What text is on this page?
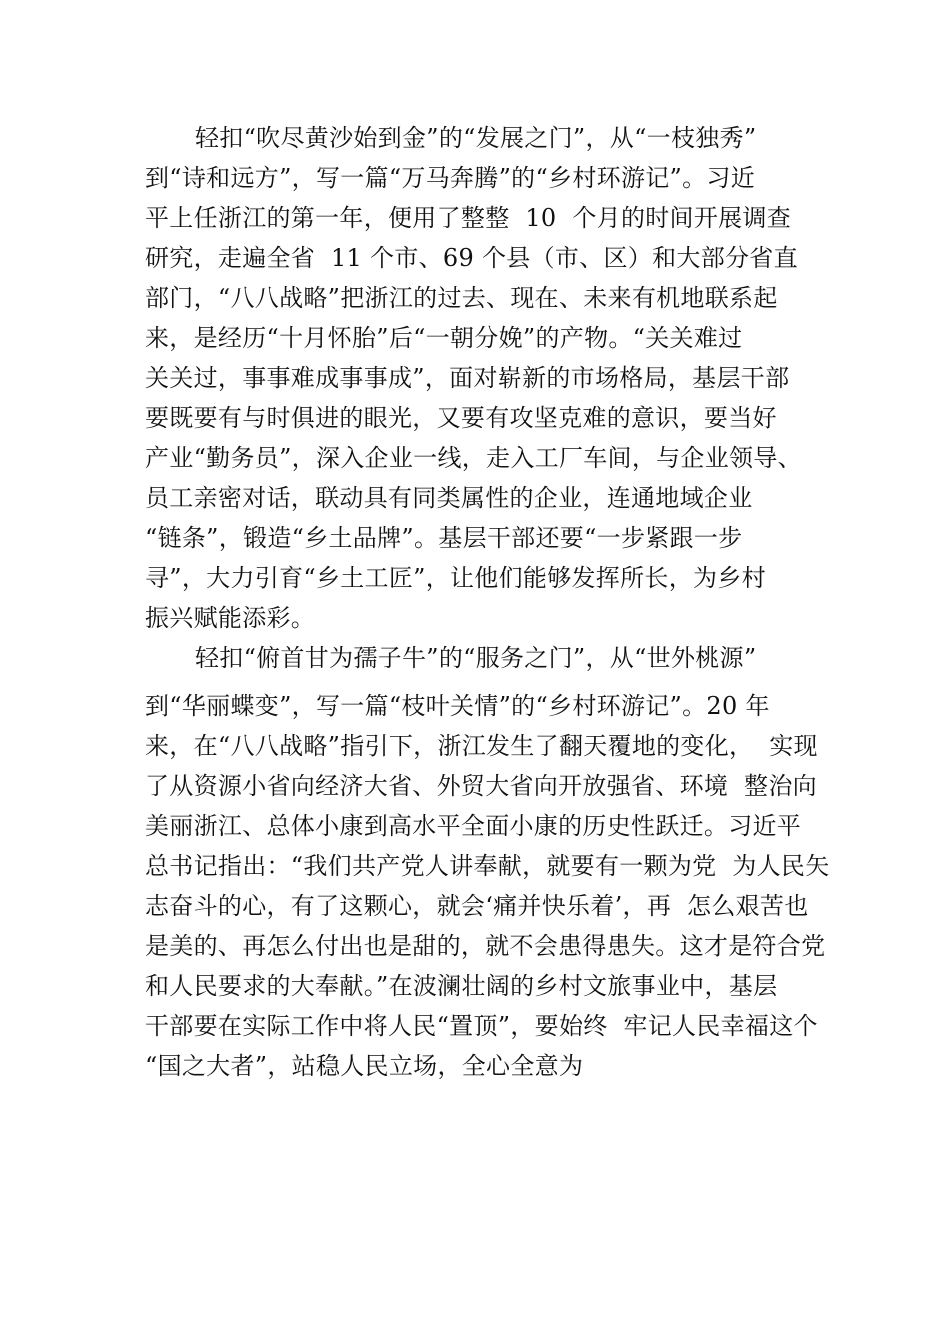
轻扣“吹尽黄沙始到金”的“发展之门”，从“一枝独秀”
到“诗和远方”，写一篇“万马奔腾”的“乡村环游记”。习近
平上任浙江的第一年，便用了整整  10  个月的时间开展调查
研究，走遍全省  11 个市、69 个县（市、区）和大部分省直
部门，“八八战略”把浙江的过去、现在、未来有机地联系起
来，是经历“十月怀胎”后“一朝分娩”的产物。“关关难过
关关过，事事难成事事成”，面对崭新的市场格局，基层干部
要既要有与时俱进的眼光，又要有攻坚克难的意识，要当好
产业“勤务员”，深入企业一线，走入工厂车间，与企业领导、
员工亲密对话，联动具有同类属性的企业，连通地域企业
“链条”，锻造“乡土品牌”。基层干部还要“一步紧跟一步
寻”，大力引育“乡土工匠”，让他们能够发挥所长，为乡村
振兴赋能添彩。
轻扣“俯首甘为孺子牛”的“服务之门”，从“世外桃源”
到“华丽蝶变”，写一篇“枝叶关情”的“乡村环游记”。20 年
来，在“八八战略”指引下，浙江发生了翻天覆地的变化，  实现
了从资源小省向经济大省、外贸大省向开放强省、环境  整治向
美丽浙江、总体小康到高水平全面小康的历史性跃迁。习近平
总书记指出：“我们共产党人讲奉献，就要有一颗为党  为人民矢
志奋斗的心，有了这颗心，就会‘痛并快乐着’，再  怎么艰苦也
是美的、再怎么付出也是甜的，就不会患得患失。这才是符合党
和人民要求的大奉献。”在波澜壮阔的乡村文旅事业中，基层
干部要在实际工作中将人民“置顶”，要始终  牢记人民幸福这个
“国之大者”，站稳人民立场，全心全意为
